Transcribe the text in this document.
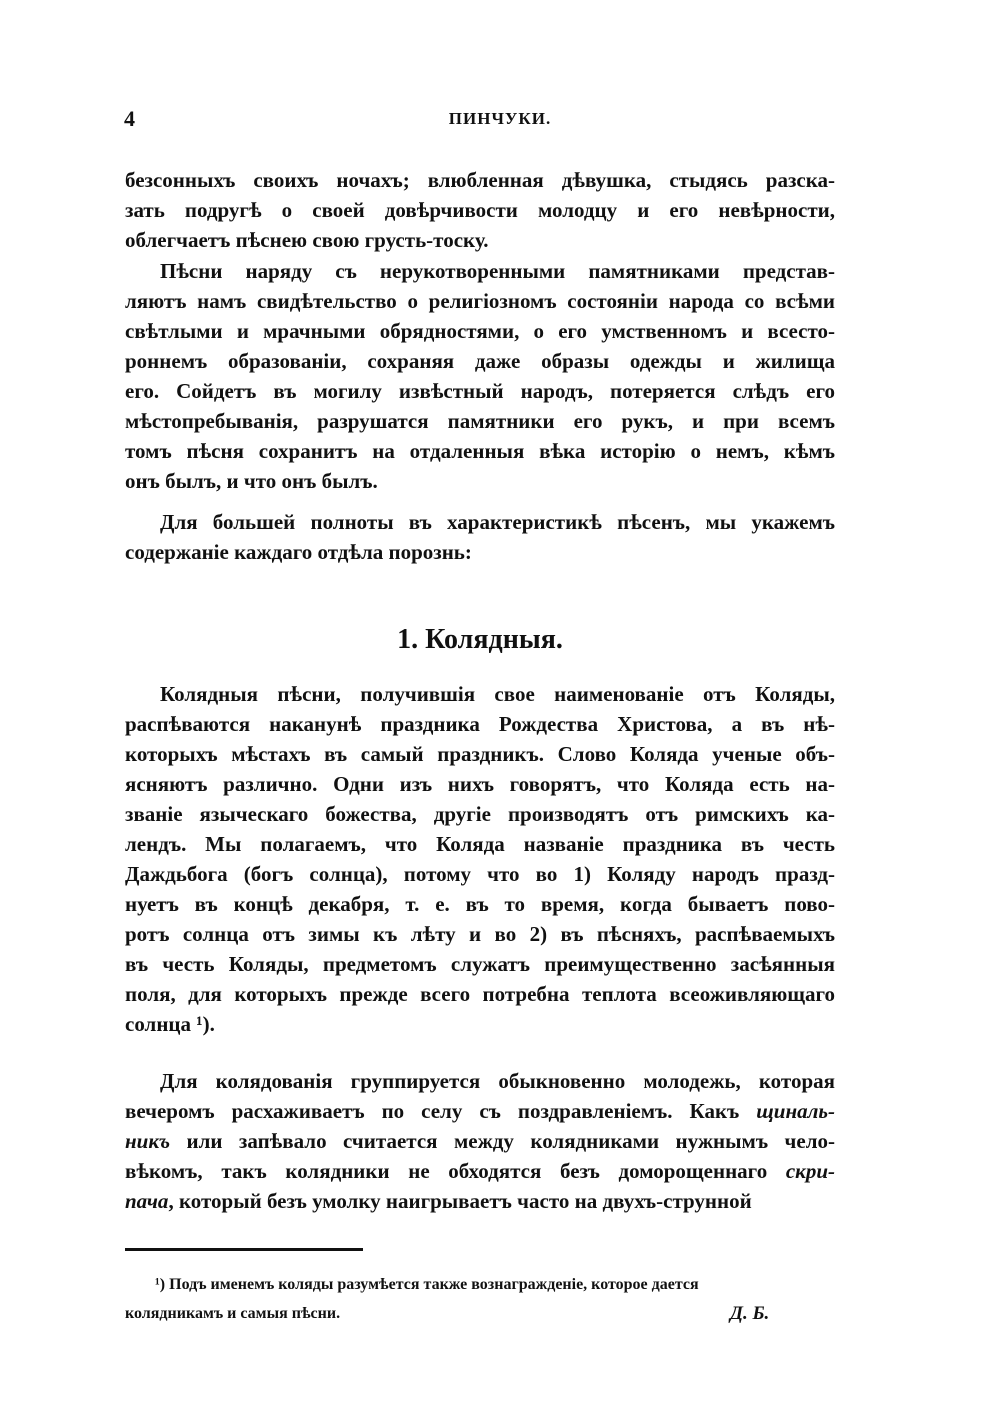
4	ПИНЧУКИ.
безсонныхъ своихъ ночахъ; влюбленная дѣвушка, стыдясь разска-
зать подругѣ о своей довѣрчивости молодцу и его невѣрности,
облегчаетъ пѣснею свою грусть-тоску.
Пѣсни наряду съ нерукотворенными памятниками представ-
ляютъ намъ свидѣтельство о религіозномъ состояніи народа со всѣми
свѣтлыми и мрачными обрядностями, о его умственномъ и всесто-
роннемъ образованіи, сохраняя даже образы одежды и жилища
его. Сойдетъ въ могилу извѣстный народъ, потеряется слѣдъ его
мѣстопребыванія, разрушатся памятники его рукъ, и при всемъ
томъ пѣсня сохранитъ на отдаленныя вѣка исторію о немъ, кѣмъ
онъ былъ, и что онъ былъ.
Для большей полноты въ характеристикѣ пѣсенъ, мы укажемъ
содержаніе каждаго отдѣла порознь:
1. Колядныя.
Колядныя пѣсни, получившія свое наименованіе отъ Коляды,
распѣваются наканунѣ праздника Рождества Христова, а въ нѣ-
которыхъ мѣстахъ въ самый праздникъ. Слово Коляда ученые объ-
ясняютъ различно. Одни изъ нихъ говорятъ, что Коляда есть на-
званіе языческаго божества, другіе производятъ отъ римскихъ ка-
лендъ. Мы полагаемъ, что Коляда названіе праздника въ честь
Даждьбога (богъ солнца), потому что во 1) Коляду народъ празд-
нуетъ въ концѣ декабря, т. е. въ то время, когда бываетъ пово-
ротъ солнца отъ зимы къ лѣту и во 2) въ пѣсняхъ, распѣваемыхъ
въ честь Коляды, предметомъ служатъ преимущественно засѣянныя
поля, для которыхъ прежде всего потребна теплота всеоживляющаго
солнца ¹).
Для колядованія группируется обыкновенно молодежь, которая
вечеромъ расхаживаетъ по селу съ поздравленіемъ. Какъ щиналь-
никъ или запѣвало считается между колядниками нужнымъ чело-
вѣкомъ, такъ колядники не обходятся безъ доморощеннаго скри-
пача, который безъ умолку наигрываетъ часто на двухъ-струнной
¹) Подъ именемъ коляды разумѣется также вознагражденіе, которое дается
колядникамъ и самыя пѣсни.	Д. Б.
